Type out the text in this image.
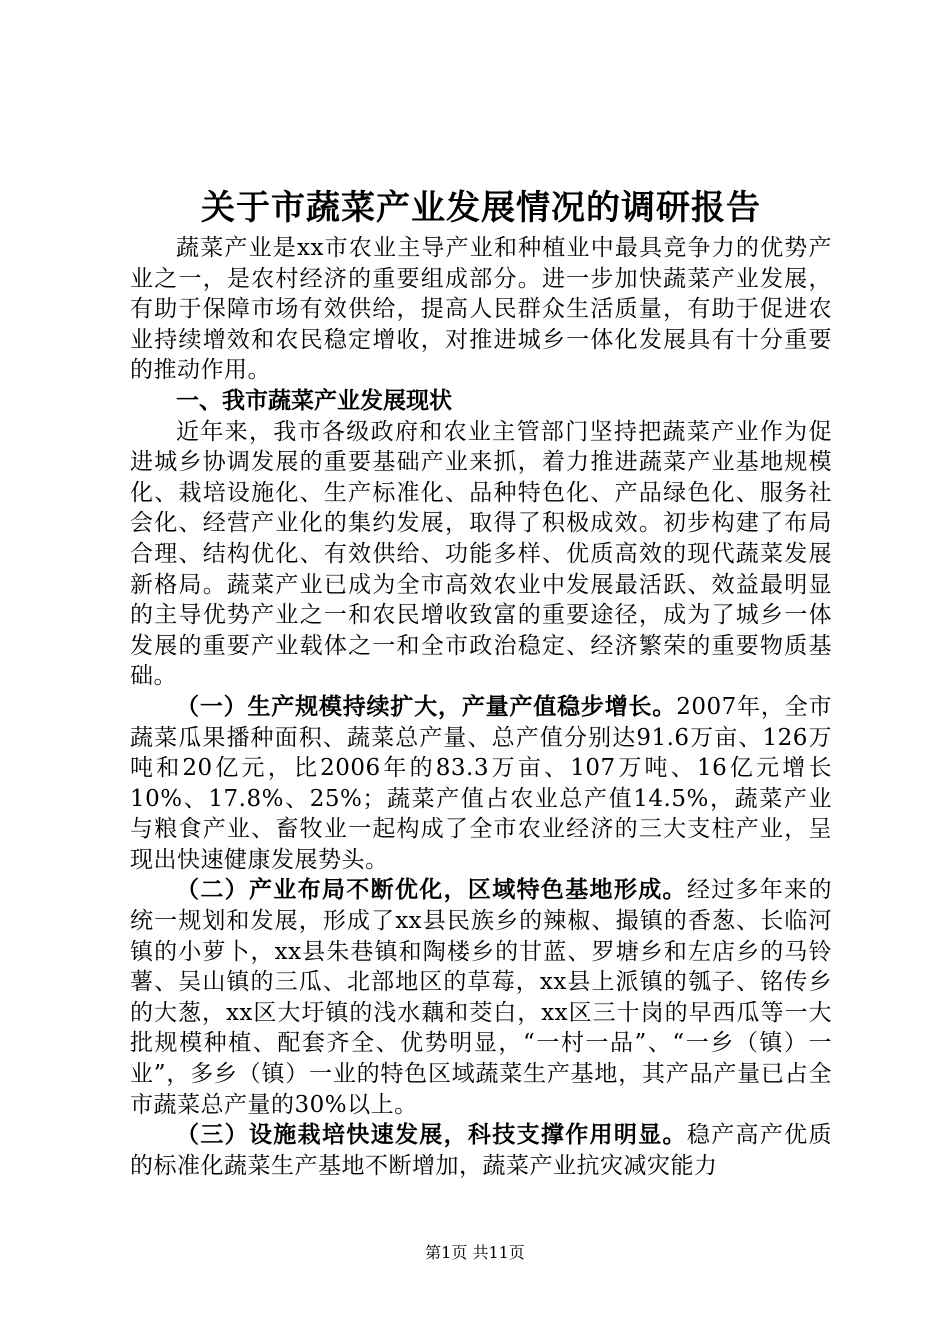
关于市蔬菜产业发展情况的调研报告

蔬菜产业是xx市农业主导产业和种植业中最具竞争力的优势产业之一，是农村经济的重要组成部分。进一步加快蔬菜产业发展，有助于保障市场有效供给，提高人民群众生活质量，有助于促进农业持续增效和农民稳定增收，对推进城乡一体化发展具有十分重要的推动作用。

一、我市蔬菜产业发展现状

近年来，我市各级政府和农业主管部门坚持把蔬菜产业作为促进城乡协调发展的重要基础产业来抓，着力推进蔬菜产业基地规模化、栽培设施化、生产标准化、品种特色化、产品绿色化、服务社会化、经营产业化的集约发展，取得了积极成效。初步构建了布局合理、结构优化、有效供给、功能多样、优质高效的现代蔬菜发展新格局。蔬菜产业已成为全市高效农业中发展最活跃、效益最明显的主导优势产业之一和农民增收致富的重要途径，成为了城乡一体发展的重要产业载体之一和全市政治稳定、经济繁荣的重要物质基础。

（一）生产规模持续扩大，产量产值稳步增长。2007年，全市蔬菜瓜果播种面积、蔬菜总产量、总产值分别达91.6万亩、126万吨和20亿元，比2006年的83.3万亩、107万吨、16亿元增长10%、17.8%、25%；蔬菜产值占农业总产值14.5%，蔬菜产业与粮食产业、畜牧业一起构成了全市农业经济的三大支柱产业，呈现出快速健康发展势头。

（二）产业布局不断优化，区域特色基地形成。经过多年来的统一规划和发展，形成了xx县民族乡的辣椒、撮镇的香葱、长临河镇的小萝卜，xx县朱巷镇和陶楼乡的甘蓝、罗塘乡和左店乡的马铃薯、吴山镇的三瓜、北部地区的草莓，xx县上派镇的瓠子、铭传乡的大葱，xx区大圩镇的浅水藕和茭白，xx区三十岗的早西瓜等一大批规模种植、配套齐全、优势明显，“一村一品”、“一乡（镇）一业”，多乡（镇）一业的特色区域蔬菜生产基地，其产品产量已占全市蔬菜总产量的30%以上。

（三）设施栽培快速发展，科技支撑作用明显。稳产高产优质的标准化蔬菜生产基地不断增加，蔬菜产业抗灾减灾能力

第1页 共11页
